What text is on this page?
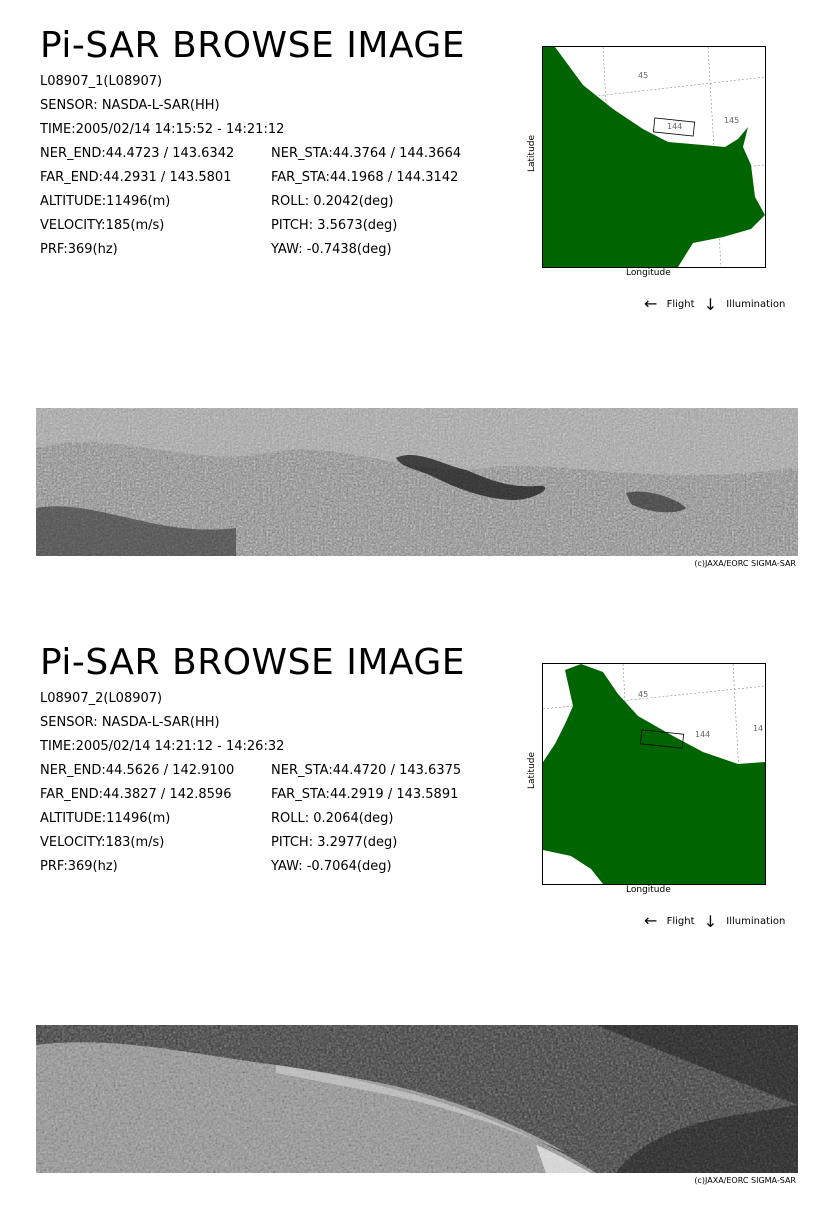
Pi-SAR BROWSE IMAGE
L08907_1(L08907)
SENSOR: NASDA-L-SAR(HH)
TIME:2005/02/14 14:15:52 - 14:21:12
NER_END:44.4723 / 143.6342	NER_STA:44.3764 / 144.3664
FAR_END:44.2931 / 143.5801	FAR_STA:44.1968 / 144.3142
ALTITUDE:11496(m)	ROLL: 0.2042(deg)
VELOCITY:185(m/s)	PITCH: 3.5673(deg)
PRF:369(hz)	YAW: -0.7438(deg)
45
144
145
Latitude
Longitude
← Flight ↓ Illumination
(c)JAXA/EORC SIGMA-SAR
Pi-SAR BROWSE IMAGE
L08907_2(L08907)
SENSOR: NASDA-L-SAR(HH)
TIME:2005/02/14 14:21:12 - 14:26:32
NER_END:44.5626 / 142.9100	NER_STA:44.4720 / 143.6375
FAR_END:44.3827 / 142.8596	FAR_STA:44.2919 / 143.5891
ALTITUDE:11496(m)	ROLL: 0.2064(deg)
VELOCITY:183(m/s)	PITCH: 3.2977(deg)
PRF:369(hz)	YAW: -0.7064(deg)
45
144
14
Latitude
Longitude
← Flight ↓ Illumination
(c)JAXA/EORC SIGMA-SAR
